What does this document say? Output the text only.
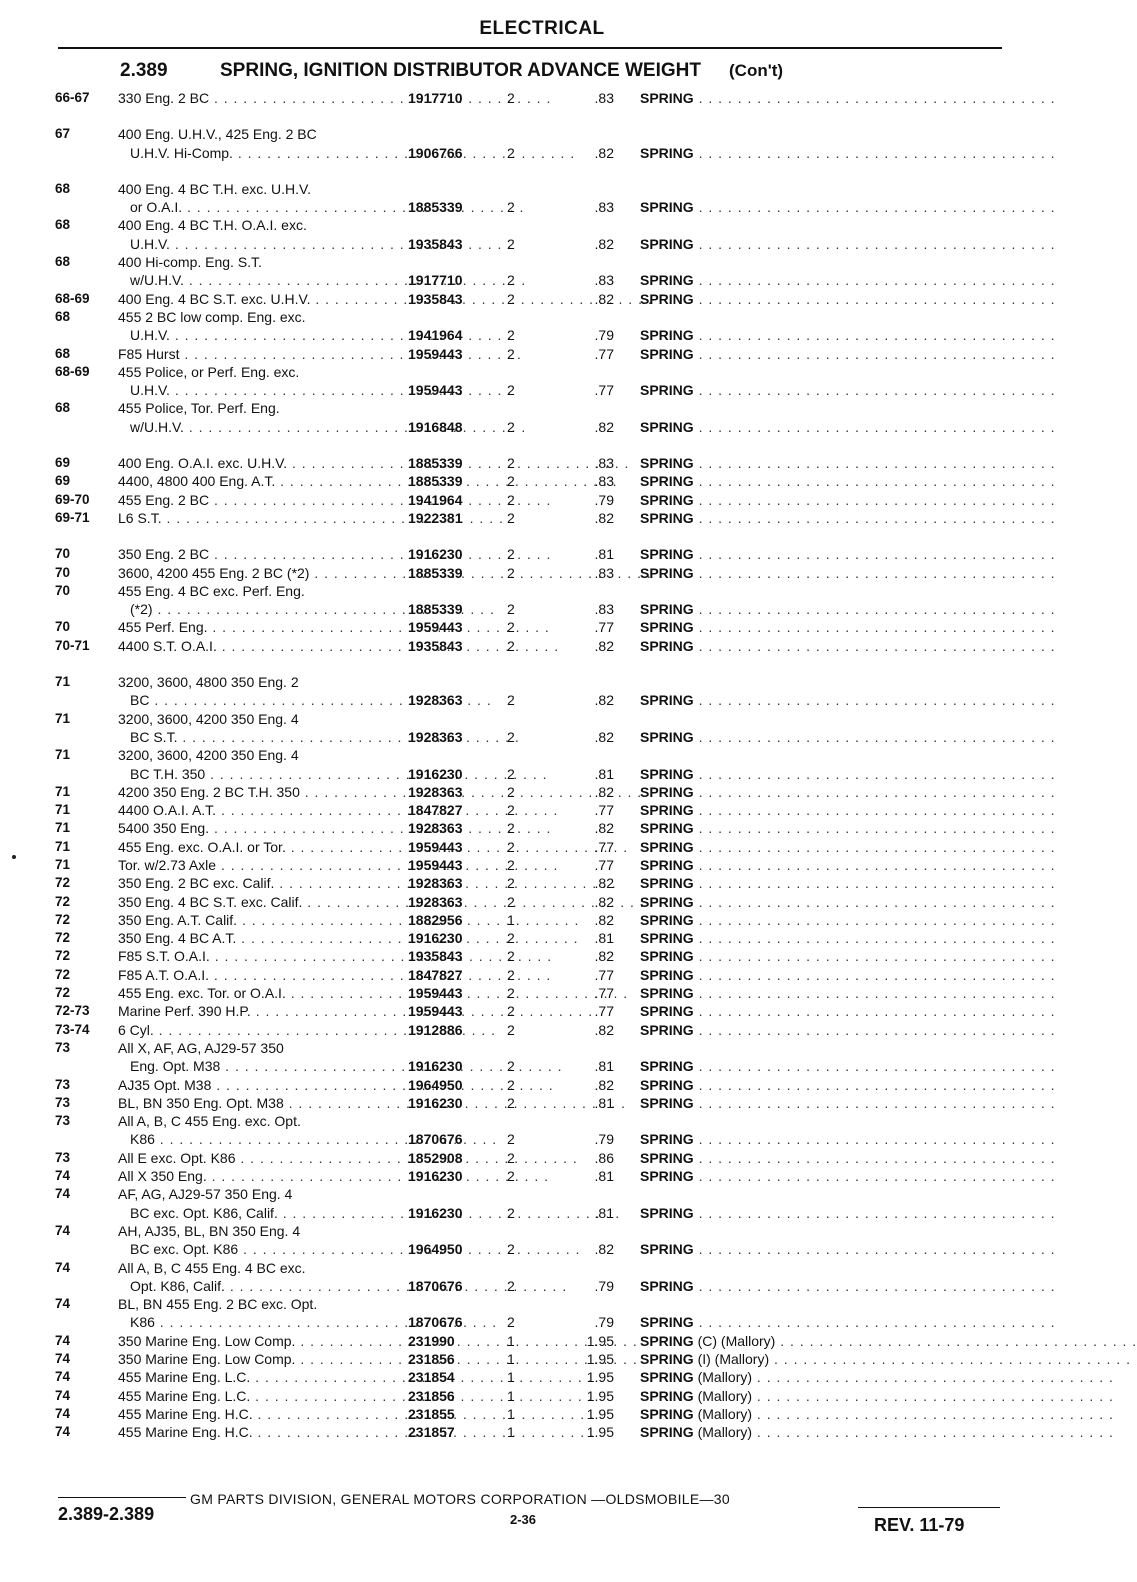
ELECTRICAL
2.389	SPRING, IGNITION DISTRIBUTOR ADVANCE WEIGHT (Con't)
66-67 330 Eng. 2 BC . . .	1917710	2	.83 SPRING . . . . . . . . . . . . . . . . . . . . . . . . . . . . . . . . . . . . .
67	400 Eng. U.H.V., 425 Eng. 2 BC
U.H.V. Hi-Comp. . . .	1906766	2	.82 SPRING . . . . . . . . . . . . . . . . . . . . . . . . . . . . . . . . . . . . .
68	400 Eng. 4 BC T.H. exc. U.H.V.
or O.A.I. . . .	1885339	2	.83 SPRING . . . . . . . . . . . . . . . . . . . . . . . . . . . . . . . . . . . . .
68	400 Eng. 4 BC T.H. O.A.I. exc.
U.H.V. . . .	1935843	2	.82 SPRING . . . . . . . . . . . . . . . . . . . . . . . . . . . . . . . . . . . . .
68	400 Hi-comp. Eng. S.T.
w/U.H.V. . . .	1917710	2	.83 SPRING . . . . . . . . . . . . . . . . . . . . . . . . . . . . . . . . . . . . .
68-69 400 Eng. 4 BC S.T. exc. U.H.V. . . .	1935843	2	.82 SPRING . . . . . . . . . . . . . . . . . . . . . . . . . . . . . . . . . . . . .
68	455 2 BC low comp. Eng. exc.
U.H.V. . . .	1941964	2	.79 SPRING . . . . . . . . . . . . . . . . . . . . . . . . . . . . . . . . . . . . .
68	F85 Hurst . . .	1959443	2	.77 SPRING . . . . . . . . . . . . . . . . . . . . . . . . . . . . . . . . . . . . .
68-69 455 Police, or Perf. Eng. exc.
U.H.V. . . .	1959443	2	.77 SPRING . . . . . . . . . . . . . . . . . . . . . . . . . . . . . . . . . . . . .
68	455 Police, Tor. Perf. Eng.
w/U.H.V. . . .	1916848	2	.82 SPRING . . . . . . . . . . . . . . . . . . . . . . . . . . . . . . . . . . . . .
69	400 Eng. O.A.I. exc. U.H.V. . . .	1885339	2	.83 SPRING . . . . . . . . . . . . . . . . . . . . . . . . . . . . . . . . . . . . .
69	4400, 4800 400 Eng. A.T. . . .	1885339	2	.83 SPRING . . . . . . . . . . . . . . . . . . . . . . . . . . . . . . . . . . . . .
69-70 455 Eng. 2 BC . . .	1941964	2	.79 SPRING . . . . . . . . . . . . . . . . . . . . . . . . . . . . . . . . . . . . .
69-71 L6 S.T. . . .	1922381	2	.82 SPRING . . . . . . . . . . . . . . . . . . . . . . . . . . . . . . . . . . . . .
70	350 Eng. 2 BC . . .	1916230	2	.81 SPRING . . . . . . . . . . . . . . . . . . . . . . . . . . . . . . . . . . . . .
70	3600, 4200 455 Eng. 2 BC (*2) . . .	1885339	2	.83 SPRING . . . . . . . . . . . . . . . . . . . . . . . . . . . . . . . . . . . . .
70	455 Eng. 4 BC exc. Perf. Eng.
(*2) . . .	1885339	2	.83 SPRING . . . . . . . . . . . . . . . . . . . . . . . . . . . . . . . . . . . . .
70	455 Perf. Eng. . . .	1959443	2	.77 SPRING . . . . . . . . . . . . . . . . . . . . . . . . . . . . . . . . . . . . .
70-71 4400 S.T. O.A.I. . . .	1935843	2	.82 SPRING . . . . . . . . . . . . . . . . . . . . . . . . . . . . . . . . . . . . .
71	3200, 3600, 4800 350 Eng. 2
BC . . .	1928363	2	.82 SPRING . . . . . . . . . . . . . . . . . . . . . . . . . . . . . . . . . . . . .
71	3200, 3600, 4200 350 Eng. 4
BC S.T. . . .	1928363	2	.82 SPRING . . . . . . . . . . . . . . . . . . . . . . . . . . . . . . . . . . . . .
71	3200, 3600, 4200 350 Eng. 4
BC T.H. 350 . . .	1916230	2	.81 SPRING . . . . . . . . . . . . . . . . . . . . . . . . . . . . . . . . . . . . .
71	4200 350 Eng. 2 BC T.H. 350 . . .	1928363	2	.82 SPRING . . . . . . . . . . . . . . . . . . . . . . . . . . . . . . . . . . . . .
71	4400 O.A.I. A.T. . . .	1847827	2	.77 SPRING . . . . . . . . . . . . . . . . . . . . . . . . . . . . . . . . . . . . .
71	5400 350 Eng. . . .	1928363	2	.82 SPRING . . . . . . . . . . . . . . . . . . . . . . . . . . . . . . . . . . . . .
71	455 Eng. exc. O.A.I. or Tor. . . .	1959443	2	.77 SPRING . . . . . . . . . . . . . . . . . . . . . . . . . . . . . . . . . . . . .
71	Tor. w/2.73 Axle . . .	1959443	2	.77 SPRING . . . . . . . . . . . . . . . . . . . . . . . . . . . . . . . . . . . . .
72	350 Eng. 2 BC exc. Calif. . . .	1928363	2	.82 SPRING . . . . . . . . . . . . . . . . . . . . . . . . . . . . . . . . . . . . .
72	350 Eng. 4 BC S.T. exc. Calif. . . .	1928363	2	.82 SPRING . . . . . . . . . . . . . . . . . . . . . . . . . . . . . . . . . . . . .
72	350 Eng. A.T. Calif. . . .	1882956	1	.82 SPRING . . . . . . . . . . . . . . . . . . . . . . . . . . . . . . . . . . . . .
72	350 Eng. 4 BC A.T. . . .	1916230	2	.81 SPRING . . . . . . . . . . . . . . . . . . . . . . . . . . . . . . . . . . . . .
72	F85 S.T. O.A.I. . . .	1935843	2	.82 SPRING . . . . . . . . . . . . . . . . . . . . . . . . . . . . . . . . . . . . .
72	F85 A.T. O.A.I. . . .	1847827	2	.77 SPRING . . . . . . . . . . . . . . . . . . . . . . . . . . . . . . . . . . . . .
72	455 Eng. exc. Tor. or O.A.I. . . .	1959443	2	.77 SPRING . . . . . . . . . . . . . . . . . . . . . . . . . . . . . . . . . . . . .
72-73 Marine Perf. 390 H.P. . . .	1959443	2	.77 SPRING . . . . . . . . . . . . . . . . . . . . . . . . . . . . . . . . . . . . .
73-74 6 Cyl. . . .	1912886	2	.82 SPRING . . . . . . . . . . . . . . . . . . . . . . . . . . . . . . . . . . . . .
73	All X, AF, AG, AJ29-57 350
Eng. Opt. M38 . . .	1916230	2	.81 SPRING . . . . . . . . . . . . . . . . . . . . . . . . . . . . . . . . . . . . .
73	AJ35 Opt. M38 . . .	1964950	2	.82 SPRING . . . . . . . . . . . . . . . . . . . . . . . . . . . . . . . . . . . . .
73	BL, BN 350 Eng. Opt. M38 . . .	1916230	2	.81 SPRING . . . . . . . . . . . . . . . . . . . . . . . . . . . . . . . . . . . . .
73	All A, B, C 455 Eng. exc. Opt.
K86 . . .	1870676	2	.79 SPRING . . . . . . . . . . . . . . . . . . . . . . . . . . . . . . . . . . . . .
73	All E exc. Opt. K86 . . .	1852908	2	.86 SPRING . . . . . . . . . . . . . . . . . . . . . . . . . . . . . . . . . . . . .
74	All X 350 Eng. . . .	1916230	2	.81 SPRING . . . . . . . . . . . . . . . . . . . . . . . . . . . . . . . . . . . . .
74	AF, AG, AJ29-57 350 Eng. 4
BC exc. Opt. K86, Calif. . . .	1916230	2	.81 SPRING . . . . . . . . . . . . . . . . . . . . . . . . . . . . . . . . . . . . .
74	AH, AJ35, BL, BN 350 Eng. 4
BC exc. Opt. K86 . . .	1964950	2	.82 SPRING . . . . . . . . . . . . . . . . . . . . . . . . . . . . . . . . . . . . .
74	All A, B, C 455 Eng. 4 BC exc.
Opt. K86, Calif. . . .	1870676	2	.79 SPRING . . . . . . . . . . . . . . . . . . . . . . . . . . . . . . . . . . . . .
74	BL, BN 455 Eng. 2 BC exc. Opt.
K86 . . .	1870676	2	.79 SPRING . . . . . . . . . . . . . . . . . . . . . . . . . . . . . . . . . . . . .
74	350 Marine Eng. Low Comp. . . .	231990	1	1.95 SPRING (C) (Mallory) . . . . . . . . . . . . . . . . . . . . . . . . . . . . . . . . . . . . .
74	350 Marine Eng. Low Comp. . . .	231856	1	1.95 SPRING (I) (Mallory) . . . . . . . . . . . . . . . . . . . . . . . . . . . . . . . . . . . . .
74	455 Marine Eng. L.C. . . .	231854	1	1.95 SPRING (Mallory) . . . . . . . . . . . . . . . . . . . . . . . . . . . . . . . . . . . . .
74	455 Marine Eng. L.C. . . .	231856	1	1.95 SPRING (Mallory) . . . . . . . . . . . . . . . . . . . . . . . . . . . . . . . . . . . . .
74	455 Marine Eng. H.C. . . .	231855	1	1.95 SPRING (Mallory) . . . . . . . . . . . . . . . . . . . . . . . . . . . . . . . . . . . . .
74	455 Marine Eng. H.C. . . .	231857	1	1.95 SPRING (Mallory) . . . . . . . . . . . . . . . . . . . . . . . . . . . . . . . . . . . . .
GM PARTS DIVISION, GENERAL MOTORS CORPORATION —OLDSMOBILE—30
2.389-2.389	2-36	REV. 11-79
